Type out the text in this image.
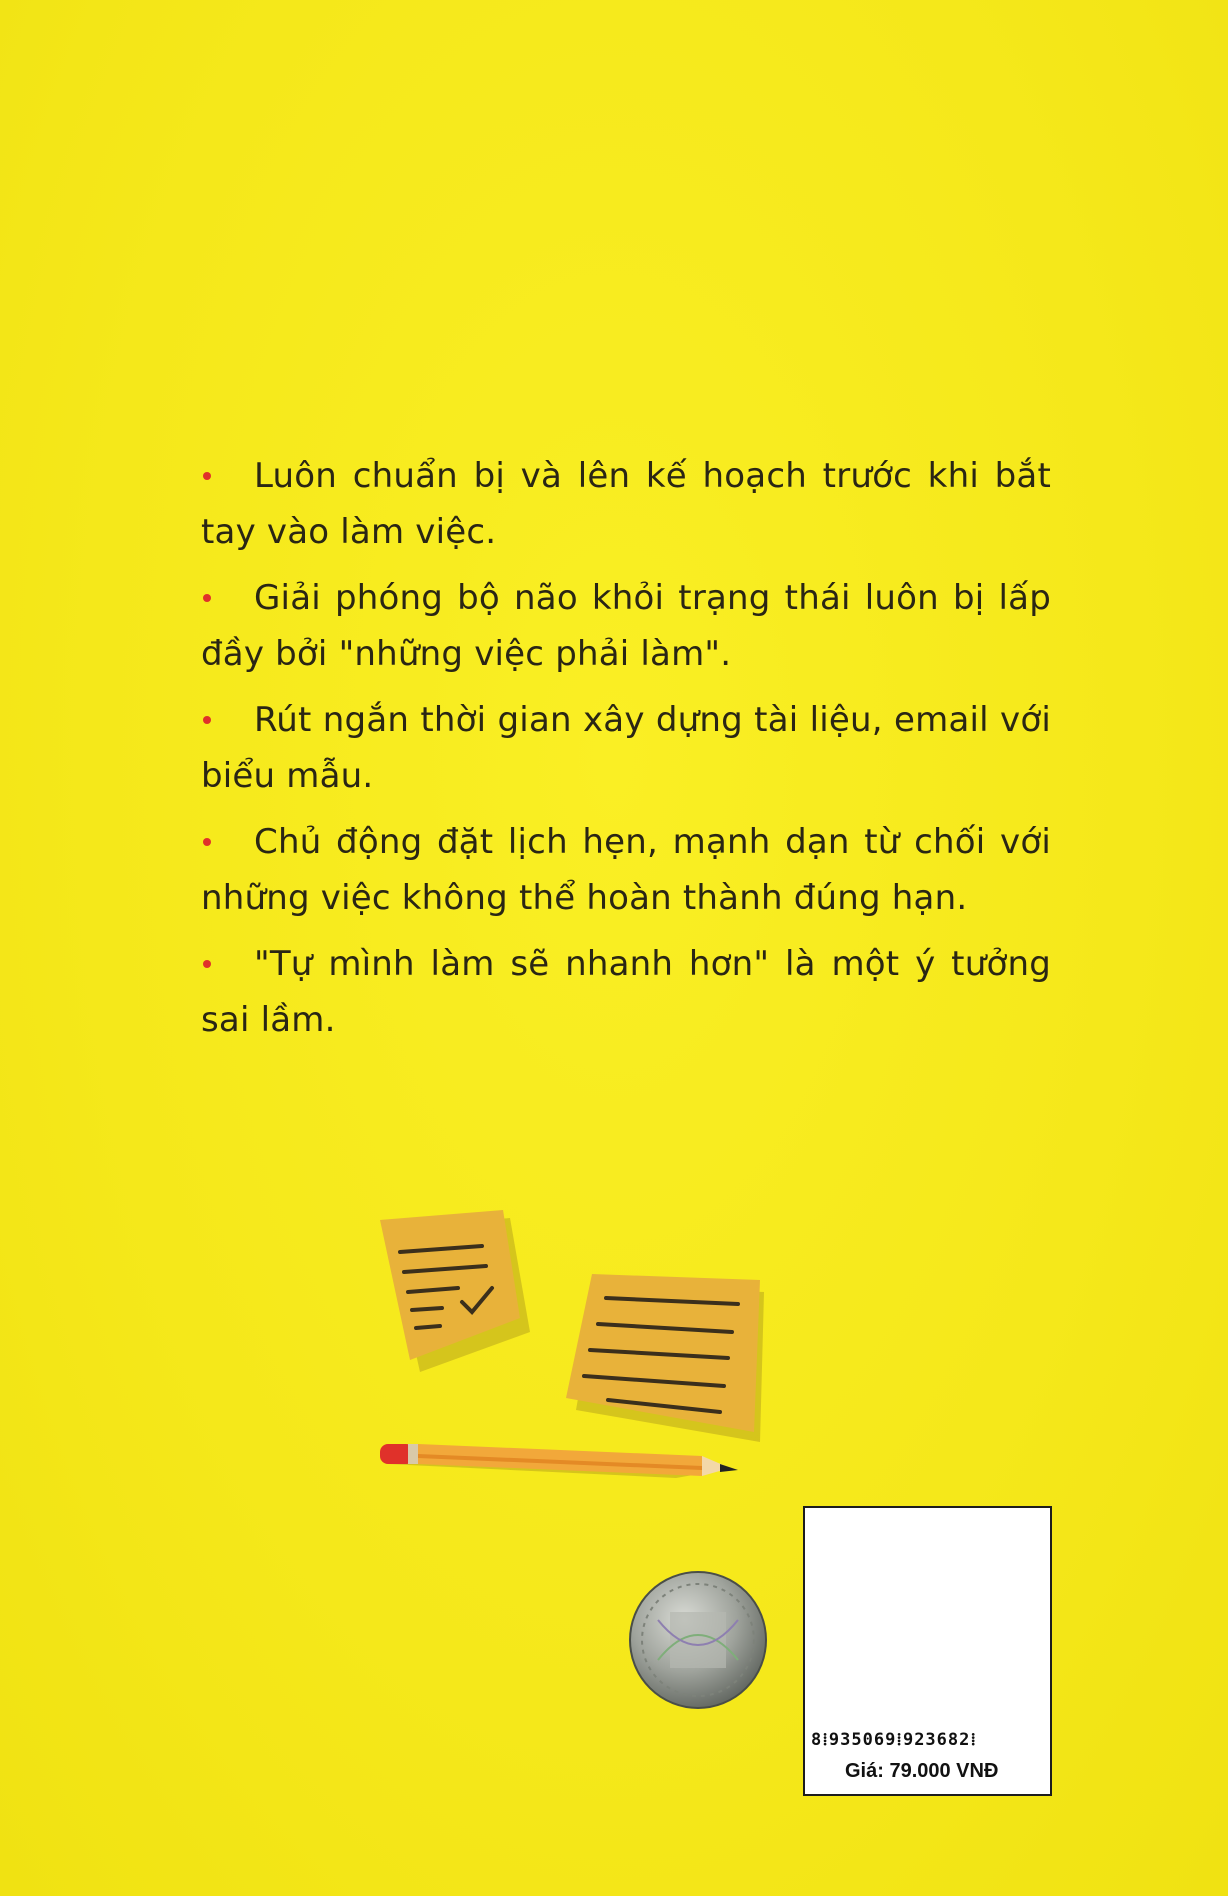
Luôn chuẩn bị và lên kế hoạch trước khi bắt tay vào làm việc.
Giải phóng bộ não khỏi trạng thái luôn bị lấp đầy bởi "những việc phải làm".
Rút ngắn thời gian xây dựng tài liệu, email với biểu mẫu.
Chủ động đặt lịch hẹn, mạnh dạn từ chối với những việc không thể hoàn thành đúng hạn.
"Tự mình làm sẽ nhanh hơn" là một ý tưởng sai lầm.
8⁞935069⁞923682⁞
Giá: 79.000 VNĐ
